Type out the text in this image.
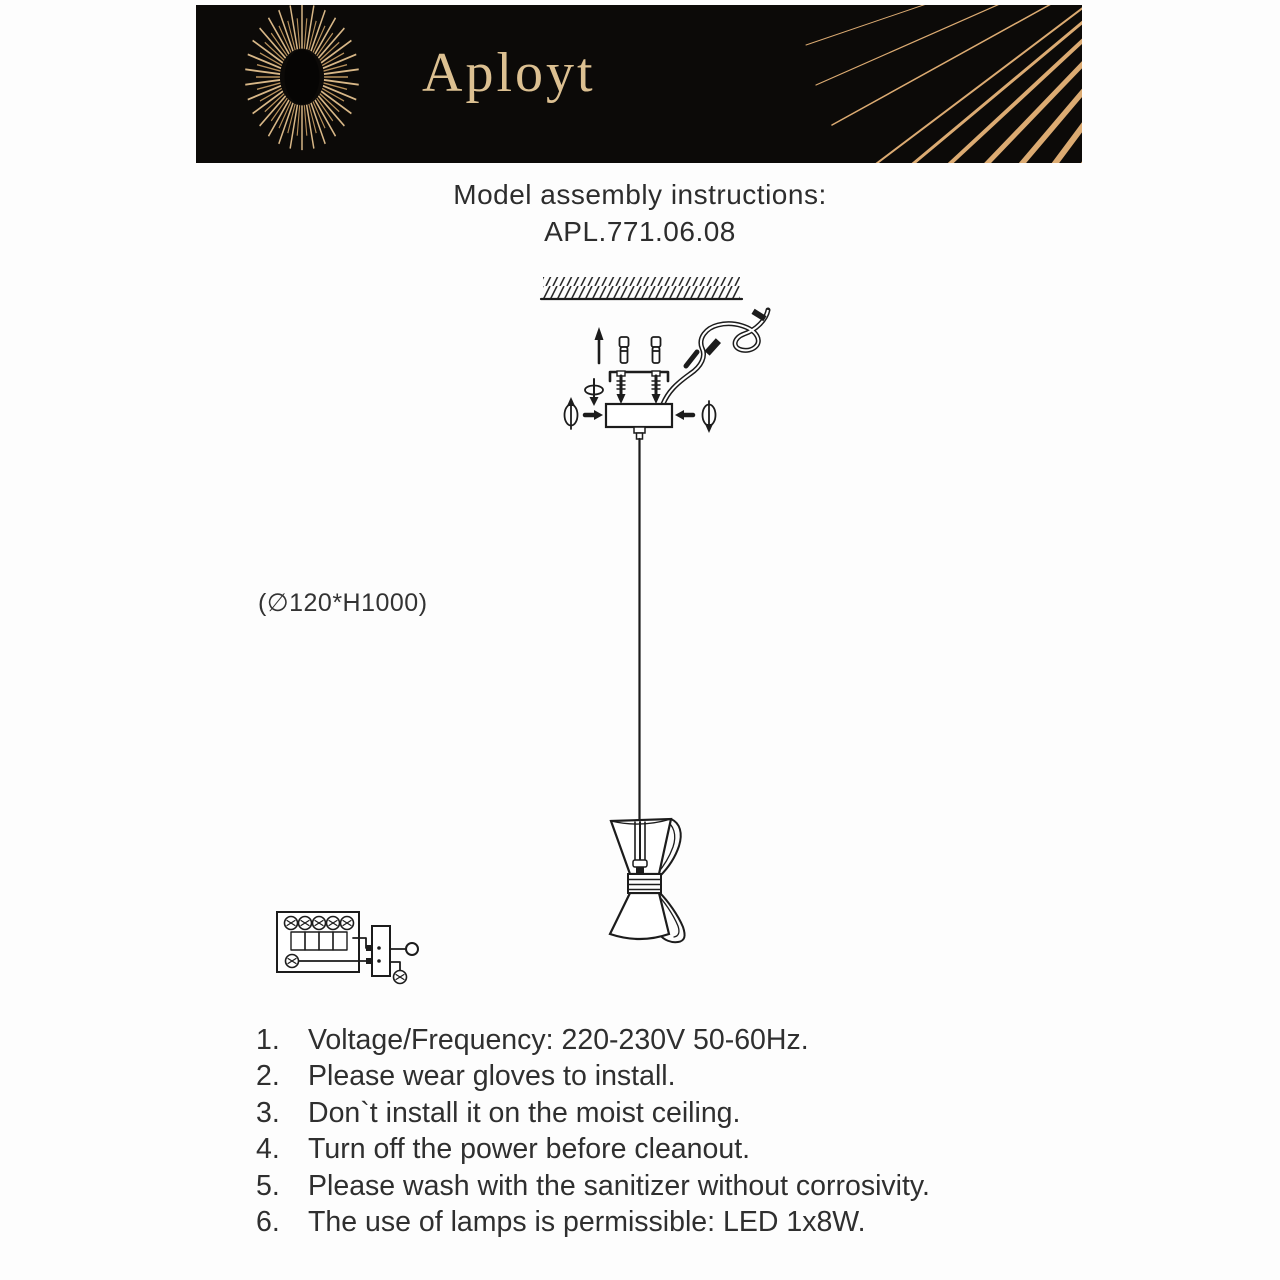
Aployt
Model assembly instructions:
APL.771.06.08
(∅120*H1000)
1. Voltage/Frequency: 220-230V 50-60Hz.
2. Please wear gloves to install.
3. Don`t install it on the moist ceiling.
4. Turn off the power before cleanout.
5. Please wash with the sanitizer without corrosivity.
6. The use of lamps is permissible: LED 1x8W.
